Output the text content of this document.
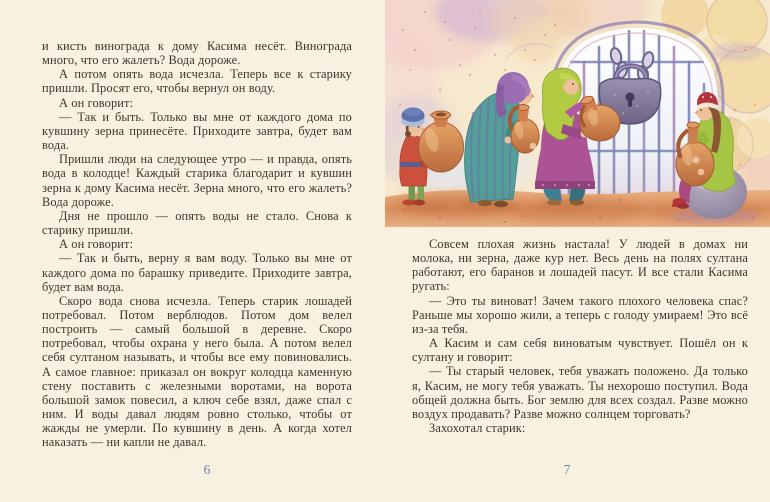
и кисть винограда к дому Касима несёт. Винограда много, что его жалеть? Вода дороже.

А потом опять вода исчезла. Теперь все к старику пришли. Просят его, чтобы вернул он воду.

А он говорит:

— Так и быть. Только вы мне от каждого дома по кувшину зерна принесёте. Приходите завтра, будет вам вода.

Пришли люди на следующее утро — и правда, опять вода в колодце! Каждый старика благодарит и кувшин зерна к дому Касима несёт. Зерна много, что его жалеть? Вода дороже.

Дня не прошло — опять воды не стало. Снова к старику пришли.

А он говорит:

— Так и быть, верну я вам воду. Только вы мне от каждого дома по барашку приведите. Приходите завтра, будет вам вода.

Скоро вода снова исчезла. Теперь старик лошадей потребовал. Потом верблюдов. Потом дом велел построить — самый большой в деревне. Скоро потребовал, чтобы охрана у него была. А потом велел себя султаном называть, и чтобы все ему повиновались. А самое главное: приказал он вокруг колодца каменную стену поставить с железными воротами, на ворота большой замок повесил, а ключ себе взял, даже спал с ним. И воды давал людям ровно столько, чтобы от жажды не умерли. По кувшину в день. А когда хотел наказать — ни капли не давал.

6

Совсем плохая жизнь настала! У людей в домах ни молока, ни зерна, даже кур нет. Весь день на полях султана работают, его баранов и лошадей пасут. И все стали Касима ругать:

— Это ты виноват! Зачем такого плохого человека спас? Раньше мы хорошо жили, а теперь с голоду умираем! Это всё из-за тебя.

А Касим и сам себя виноватым чувствует. Пошёл он к султану и говорит:

— Ты старый человек, тебя уважать положено. Да только я, Касим, не могу тебя уважать. Ты нехорошо поступил. Вода общей должна быть. Бог землю для всех создал. Разве можно воздух продавать? Разве можно солнцем торговать?

Захохотал старик:

7
